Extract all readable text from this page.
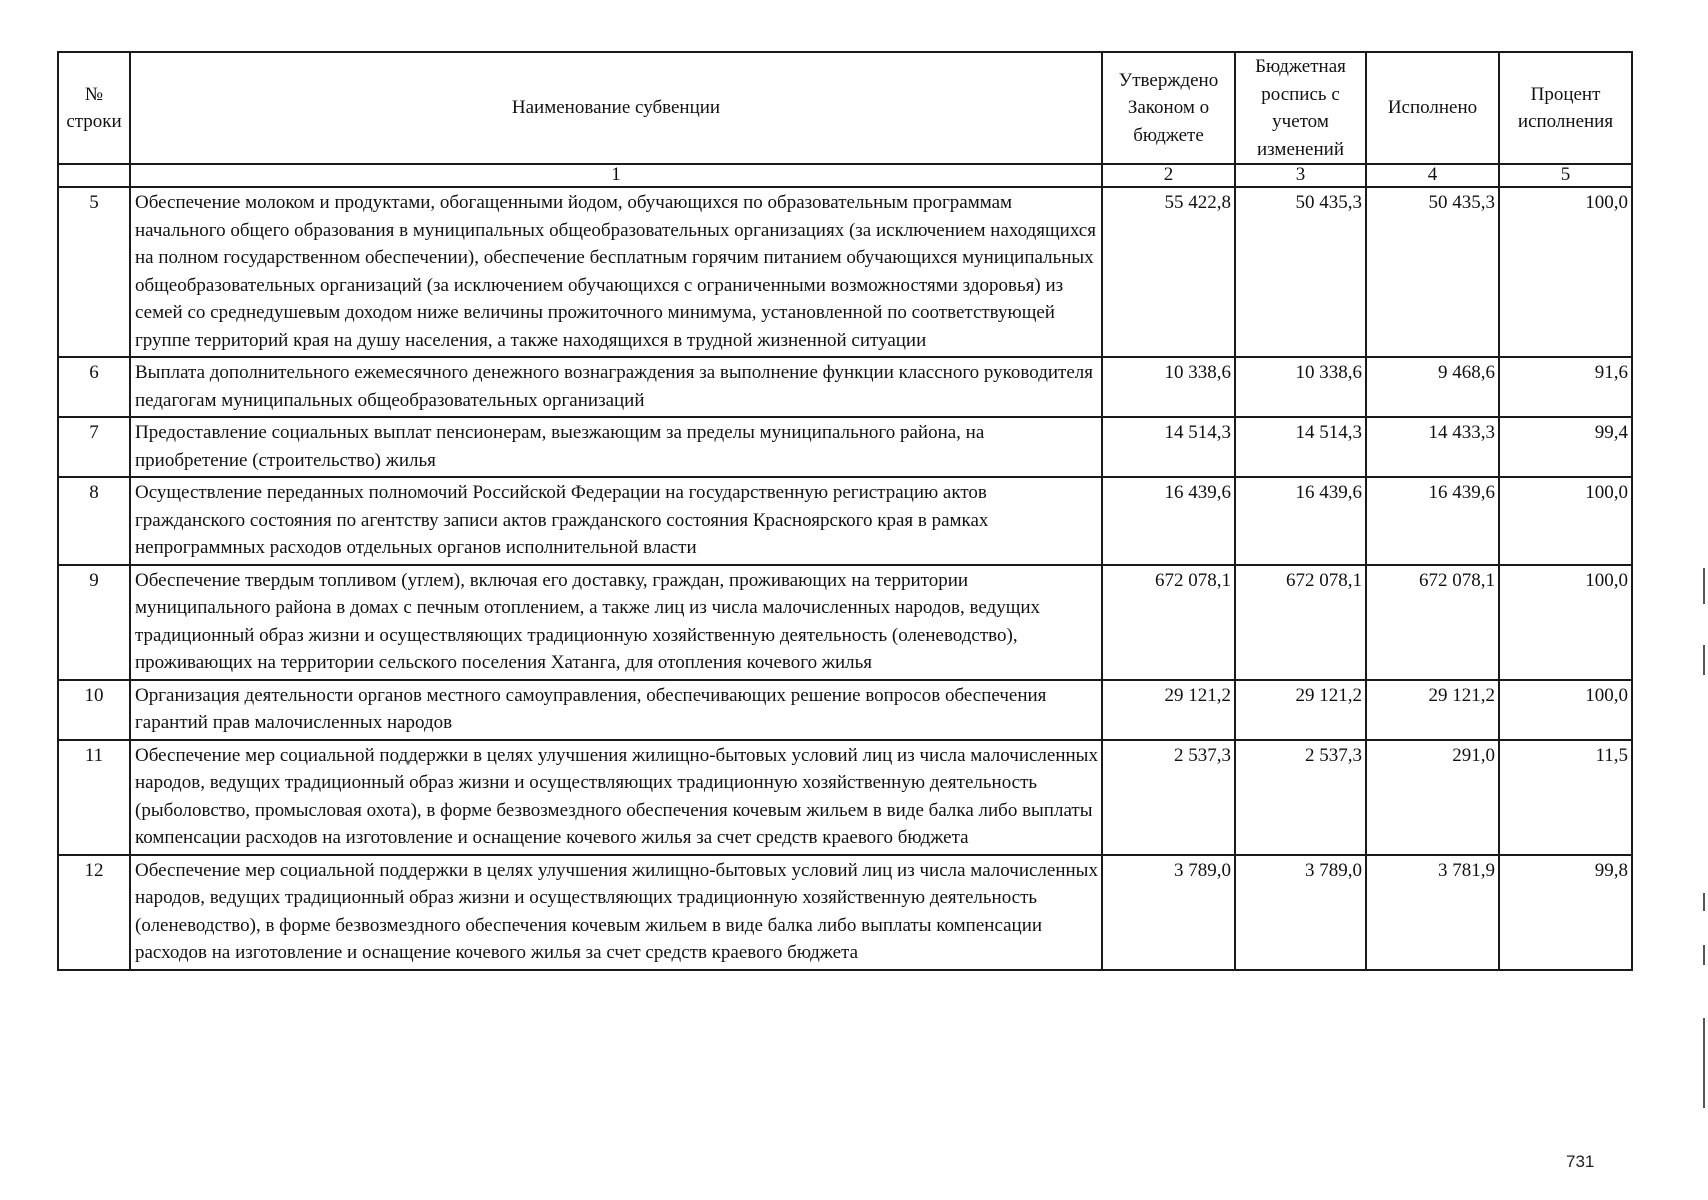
№ строки	Наименование субвенции	Утверждено Законом о бюджете	Бюджетная роспись с учетом изменений	Исполнено	Процент исполнения
	1	2	3	4	5
5	Обеспечение молоком и продуктами, обогащенными йодом, обучающихся по образовательным программам начального общего образования в муниципальных общеобразовательных организациях (за исключением находящихся на полном государственном обеспечении), обеспечение бесплатным горячим питанием обучающихся муниципальных общеобразовательных организаций (за исключением обучающихся с ограниченными возможностями здоровья) из семей со среднедушевым доходом ниже величины прожиточного минимума, установленной по соответствующей группе территорий края на душу населения, а также находящихся в трудной жизненной ситуации	55 422,8	50 435,3	50 435,3	100,0
6	Выплата дополнительного ежемесячного денежного вознаграждения за выполнение функции классного руководителя педагогам муниципальных общеобразовательных организаций	10 338,6	10 338,6	9 468,6	91,6
7	Предоставление социальных выплат пенсионерам, выезжающим за пределы муниципального района, на приобретение (строительство) жилья	14 514,3	14 514,3	14 433,3	99,4
8	Осуществление переданных полномочий Российской Федерации на государственную регистрацию актов гражданского состояния по агентству записи актов гражданского состояния Красноярского края в рамках непрограммных расходов отдельных органов исполнительной власти	16 439,6	16 439,6	16 439,6	100,0
9	Обеспечение твердым топливом (углем), включая его доставку, граждан, проживающих на территории муниципального района в домах с печным отоплением, а также лиц из числа малочисленных народов, ведущих традиционный образ жизни и осуществляющих традиционную хозяйственную деятельность (оленеводство), проживающих на территории сельского поселения Хатанга, для отопления кочевого жилья	672 078,1	672 078,1	672 078,1	100,0
10	Организация деятельности органов местного самоуправления, обеспечивающих решение вопросов обеспечения гарантий прав малочисленных народов	29 121,2	29 121,2	29 121,2	100,0
11	Обеспечение мер социальной поддержки в целях улучшения жилищно-бытовых условий лиц из числа малочисленных народов, ведущих традиционный образ жизни и осуществляющих традиционную хозяйственную деятельность (рыболовство, промысловая охота), в форме безвозмездного обеспечения кочевым жильем в виде балка либо выплаты компенсации расходов на изготовление и оснащение кочевого жилья за счет средств краевого бюджета	2 537,3	2 537,3	291,0	11,5
12	Обеспечение мер социальной поддержки в целях улучшения жилищно-бытовых условий лиц из числа малочисленных народов, ведущих традиционный образ жизни и осуществляющих традиционную хозяйственную деятельность (оленеводство), в форме безвозмездного обеспечения кочевым жильем в виде балка либо выплаты компенсации расходов на изготовление и оснащение кочевого жилья за счет средств краевого бюджета	3 789,0	3 789,0	3 781,9	99,8
731
